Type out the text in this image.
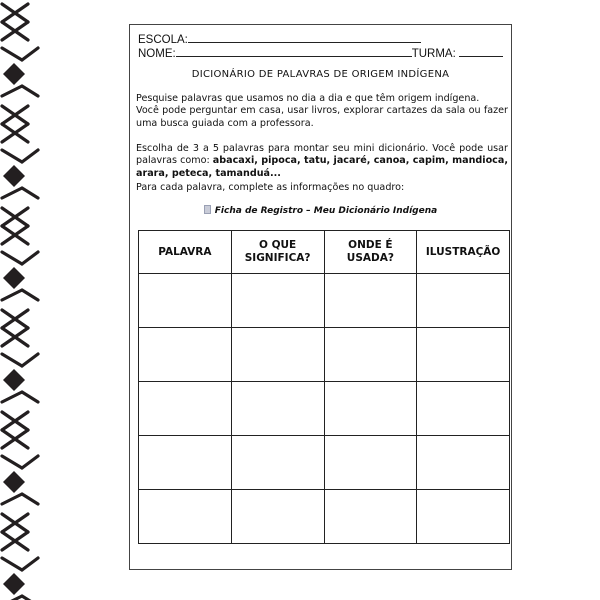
ESCOLA:
NOME:	TURMA:
DICIONÁRIO DE PALAVRAS DE ORIGEM INDÍGENA
Pesquise palavras que usamos no dia a dia e que têm origem indígena.
Você pode perguntar em casa, usar livros, explorar cartazes da sala ou fazer uma busca guiada com a professora.
Escolha de 3 a 5 palavras para montar seu mini dicionário. Você pode usar palavras como: abacaxi, pipoca, tatu, jacaré, canoa, capim, mandioca, arara, peteca, tamanduá...
Para cada palavra, complete as informações no quadro:
Ficha de Registro – Meu Dicionário Indígena
PALAVRA	O QUE SIGNIFICA?	ONDE É USADA?	ILUSTRAÇÃO
